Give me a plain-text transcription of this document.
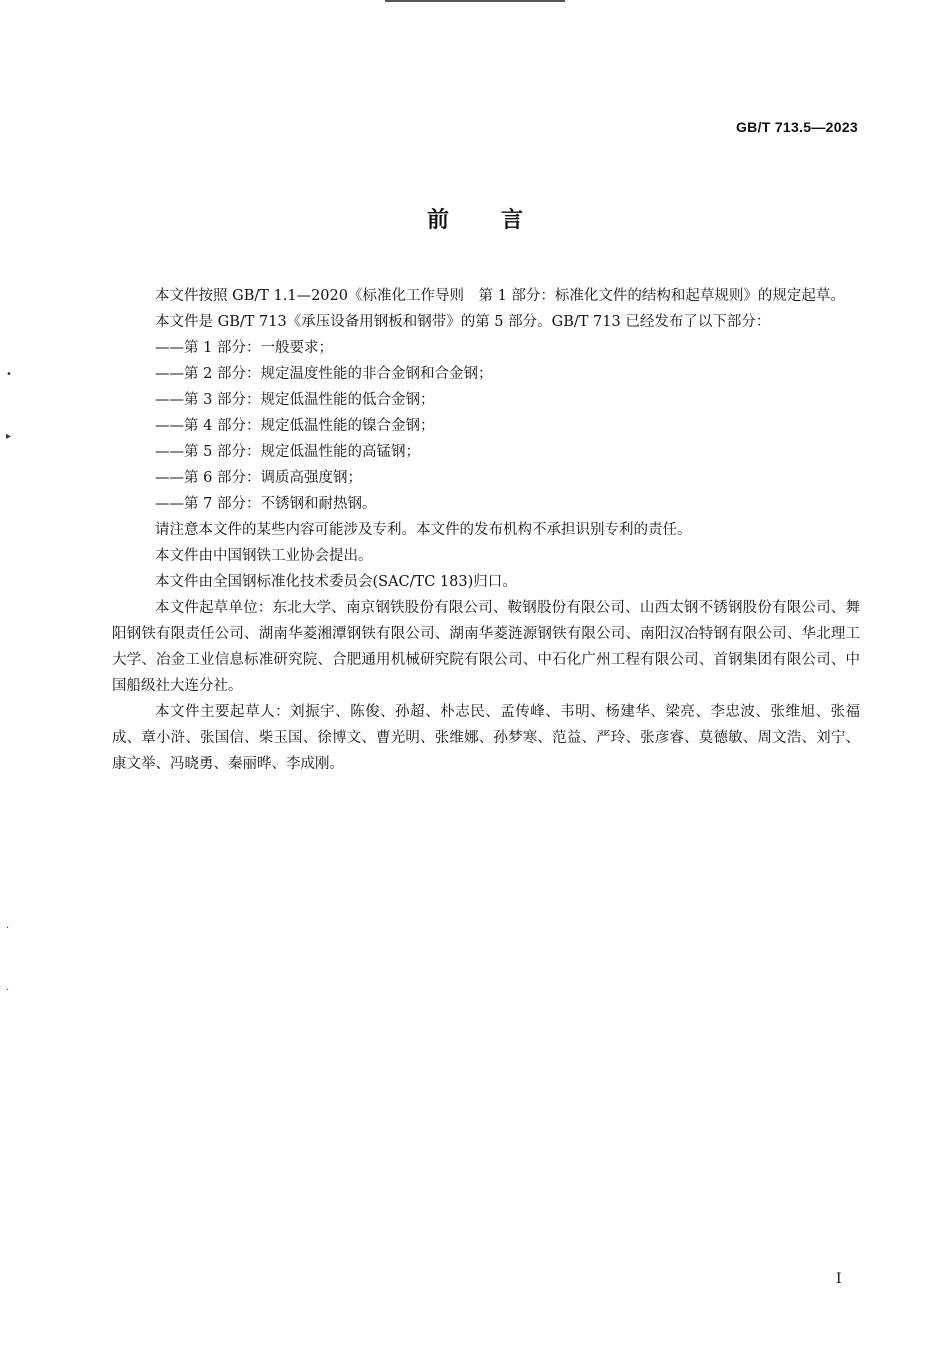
GB/T 713.5—2023
前言

本文件按照 GB/T 1.1—2020《标准化工作导则　第 1 部分：标准化文件的结构和起草规则》的规定起草。

本文件是 GB/T 713《承压设备用钢板和钢带》的第 5 部分。GB/T 713 已经发布了以下部分：

——第 1 部分：一般要求；

——第 2 部分：规定温度性能的非合金钢和合金钢；

——第 3 部分：规定低温性能的低合金钢；

——第 4 部分：规定低温性能的镍合金钢；

——第 5 部分：规定低温性能的高锰钢；

——第 6 部分：调质高强度钢；

——第 7 部分：不锈钢和耐热钢。

请注意本文件的某些内容可能涉及专利。本文件的发布机构不承担识别专利的责任。

本文件由中国钢铁工业协会提出。

本文件由全国钢标准化技术委员会(SAC/TC 183)归口。

本文件起草单位：东北大学、南京钢铁股份有限公司、鞍钢股份有限公司、山西太钢不锈钢股份有限公司、舞阳钢铁有限责任公司、湖南华菱湘潭钢铁有限公司、湖南华菱涟源钢铁有限公司、南阳汉冶特钢有限公司、华北理工大学、冶金工业信息标准研究院、合肥通用机械研究院有限公司、中石化广州工程有限公司、首钢集团有限公司、中国船级社大连分社。

本文件主要起草人：刘振宇、陈俊、孙超、朴志民、孟传峰、韦明、杨建华、梁亮、李忠波、张维旭、张福成、章小浒、张国信、柴玉国、徐博文、曹光明、张维娜、孙梦寒、范益、严玲、张彦睿、莫德敏、周文浩、刘宁、康文举、冯晓勇、秦丽晔、李成刚。

•
▸
·
·
I
